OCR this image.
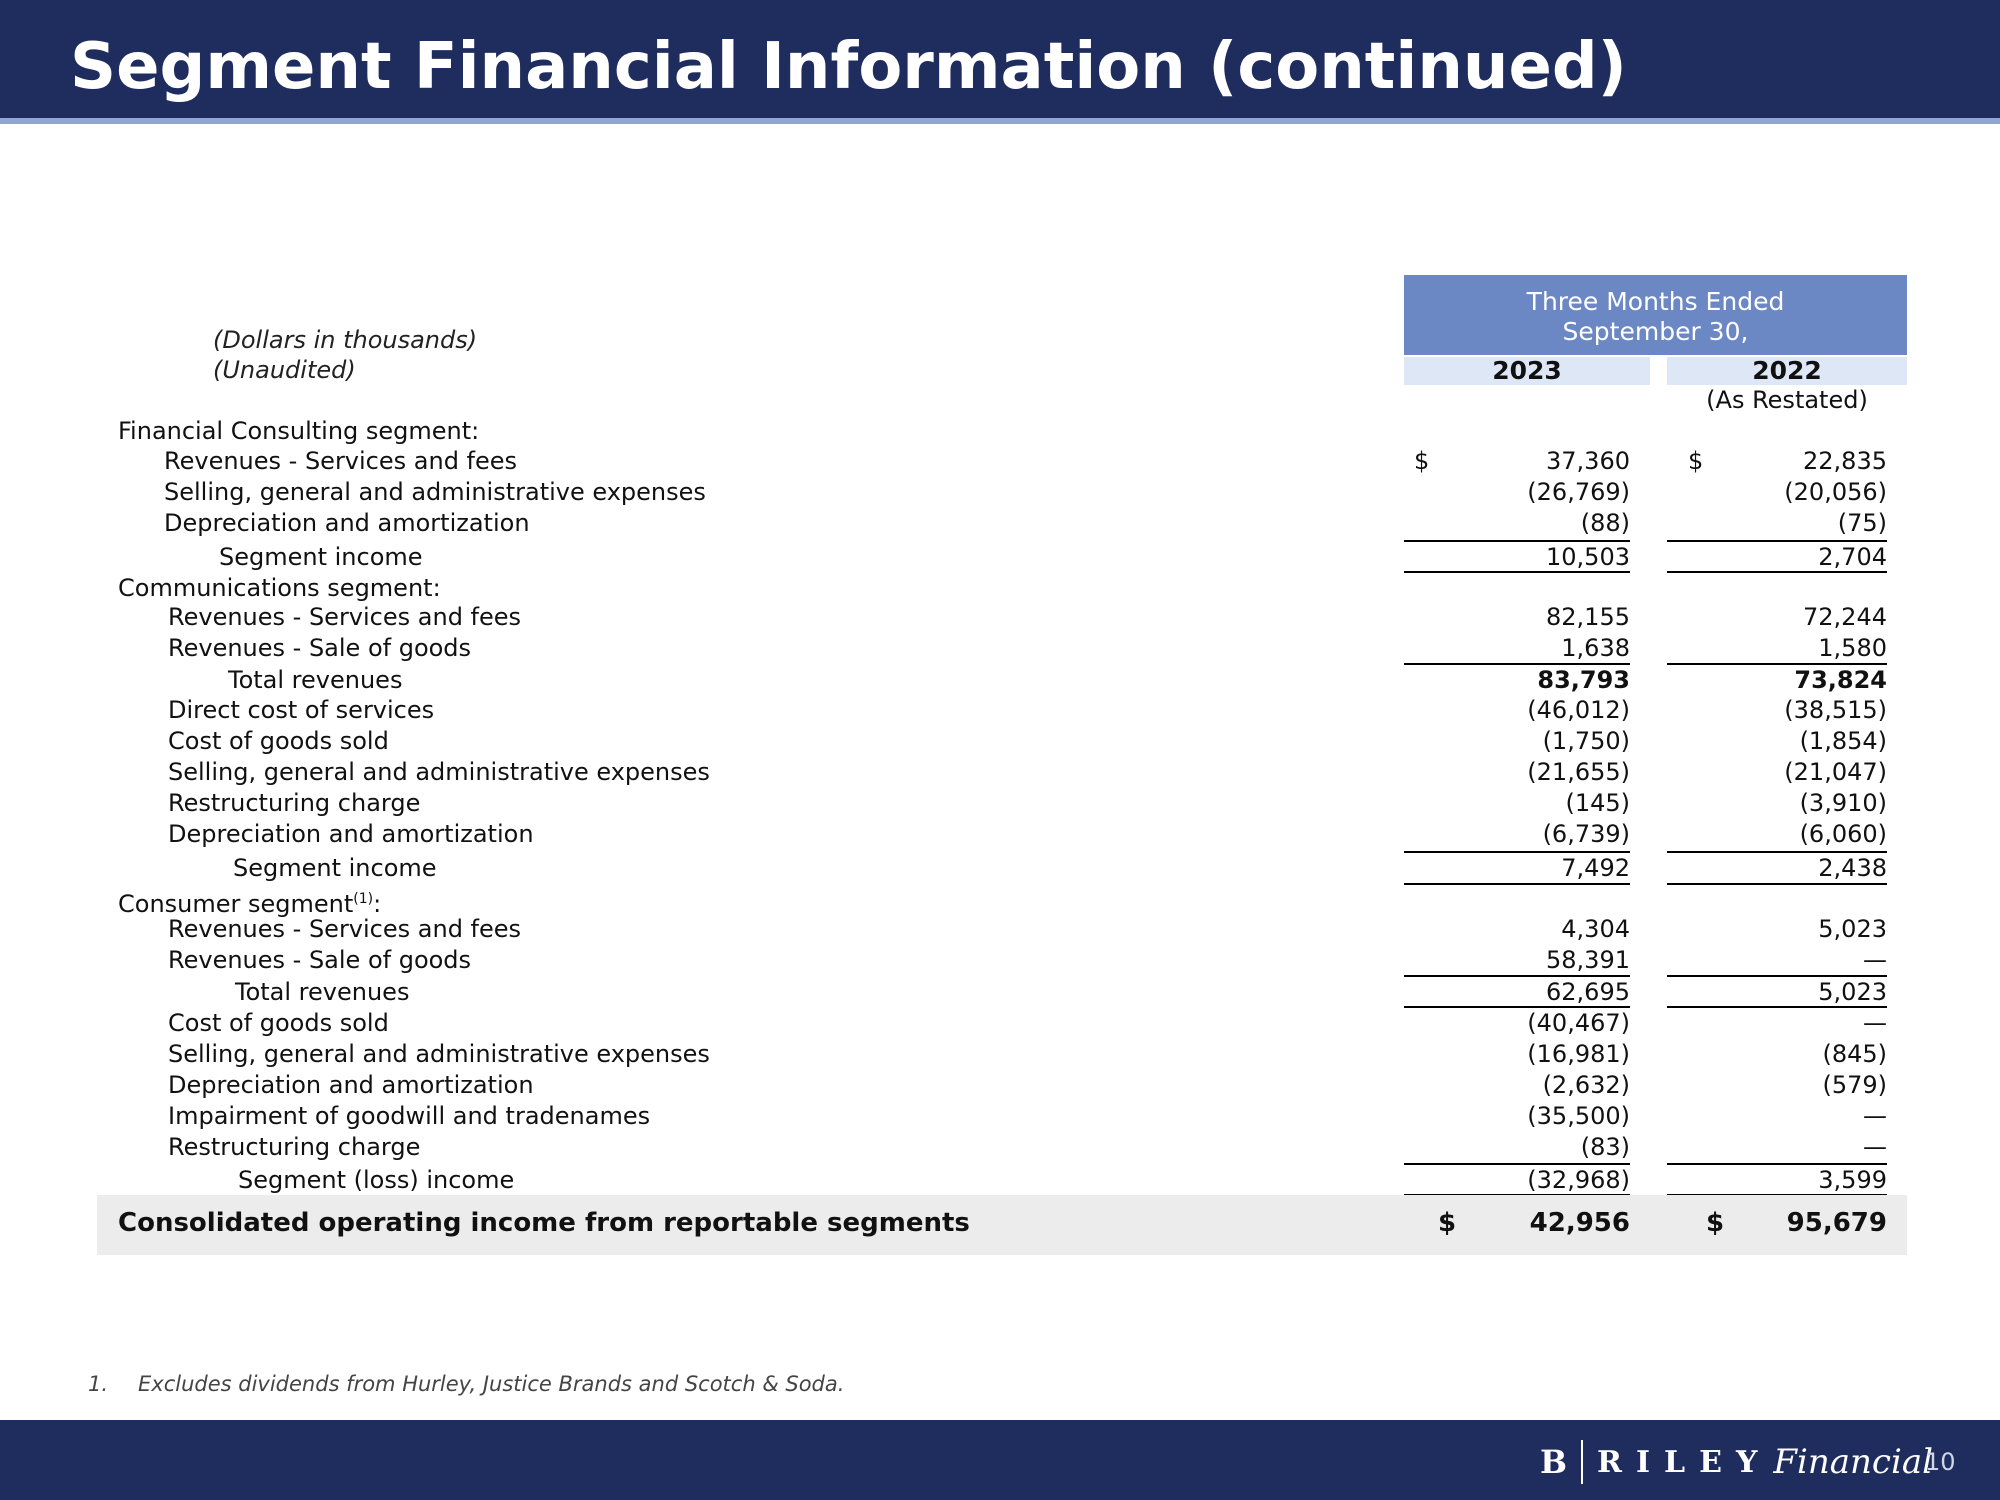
Segment Financial Information (continued)
(Dollars in thousands)
(Unaudited)
Three Months Ended
September 30,
2023	2022
(As Restated)
Financial Consulting segment:
Revenues - Services and fees	$	37,360 $	22,835
Selling, general and administrative expenses	(26,769)	(20,056)
Depreciation and amortization	(88)	(75)
Segment income	10,503	2,704
Communications segment:
Revenues - Services and fees	82,155	72,244
Revenues - Sale of goods	1,638	1,580
Total revenues	83,793	73,824
Direct cost of services	(46,012)	(38,515)
Cost of goods sold	(1,750)	(1,854)
Selling, general and administrative expenses	(21,655)	(21,047)
Restructuring charge	(145)	(3,910)
Depreciation and amortization	(6,739)	(6,060)
Segment income	7,492	2,438
Consumer segment$^{(1)}$:
Revenues - Services and fees	4,304	5,023
Revenues - Sale of goods	58,391	—
Total revenues	62,695	5,023
Cost of goods sold	(40,467)	—
Selling, general and administrative expenses	(16,981)	(845)
Depreciation and amortization	(2,632)	(579)
Impairment of goodwill and tradenames	(35,500)	—
Restructuring charge	(83)	—
Segment (loss) income	(32,968)	3,599
Consolidated operating income from reportable segments	$	42,956	$	95,679
1. Excludes dividends from Hurley, Justice Brands and Scotch & Soda.
B RILEY Financial
10
